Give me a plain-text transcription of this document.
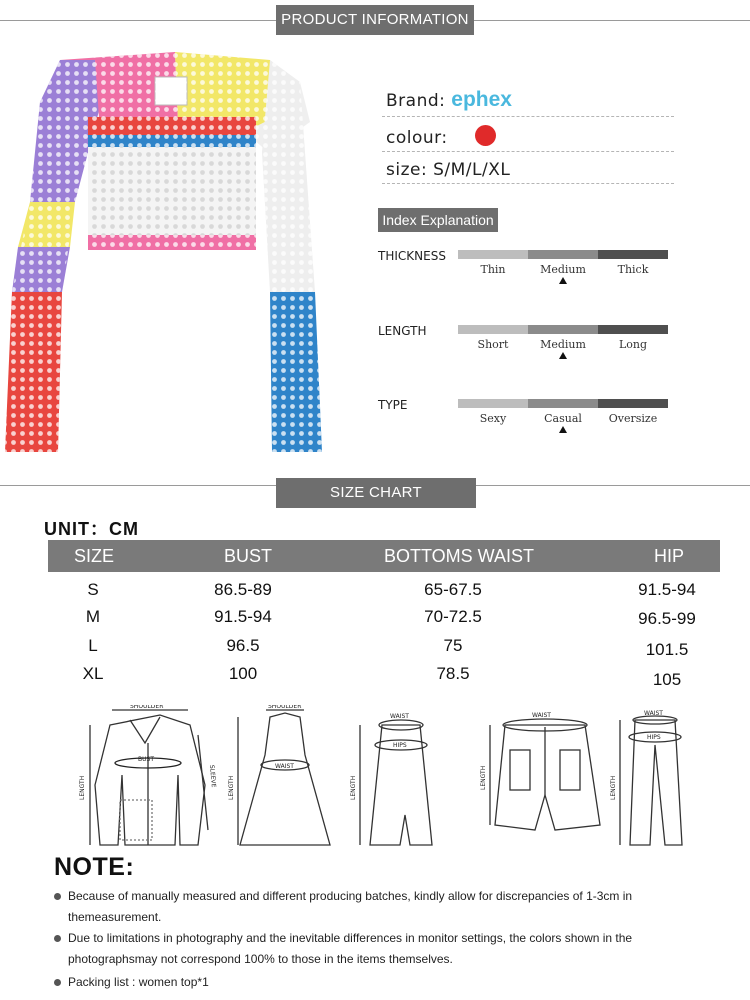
PRODUCT INFORMATION
Brand: ephex
colour:
size: S/M/L/XL
Index Explanation
THICKNESS
Thin	Medium	Thick
LENGTH
Short	Medium	Long
TYPE
Sexy	Casual	Oversize
SIZE CHART
UNIT：CM
SIZE	BUST	BOTTOMS WAIST	HIP
S	86.5-89	65-67.5	91.5-94
M	91.5-94	70-72.5	96.5-99
L	96.5	75	101.5
XL	100	78.5	105
SHOULDER
BUST
SLEEVE
LENGTH
SHOULDER
WAIST
LENGTH
WAIST
HIPS
LENGTH
WAIST
LENGTH
WAIST
HIPS
LENGTH
NOTE:
Because of manually measured and different producing batches, kindly allow for discrepancies of 1-3cm in themeasurement.
Due to limitations in photography and the inevitable differences in monitor settings, the colors shown in the photographsmay not correspond 100% to those in the items themselves.
Packing list : women top*1
